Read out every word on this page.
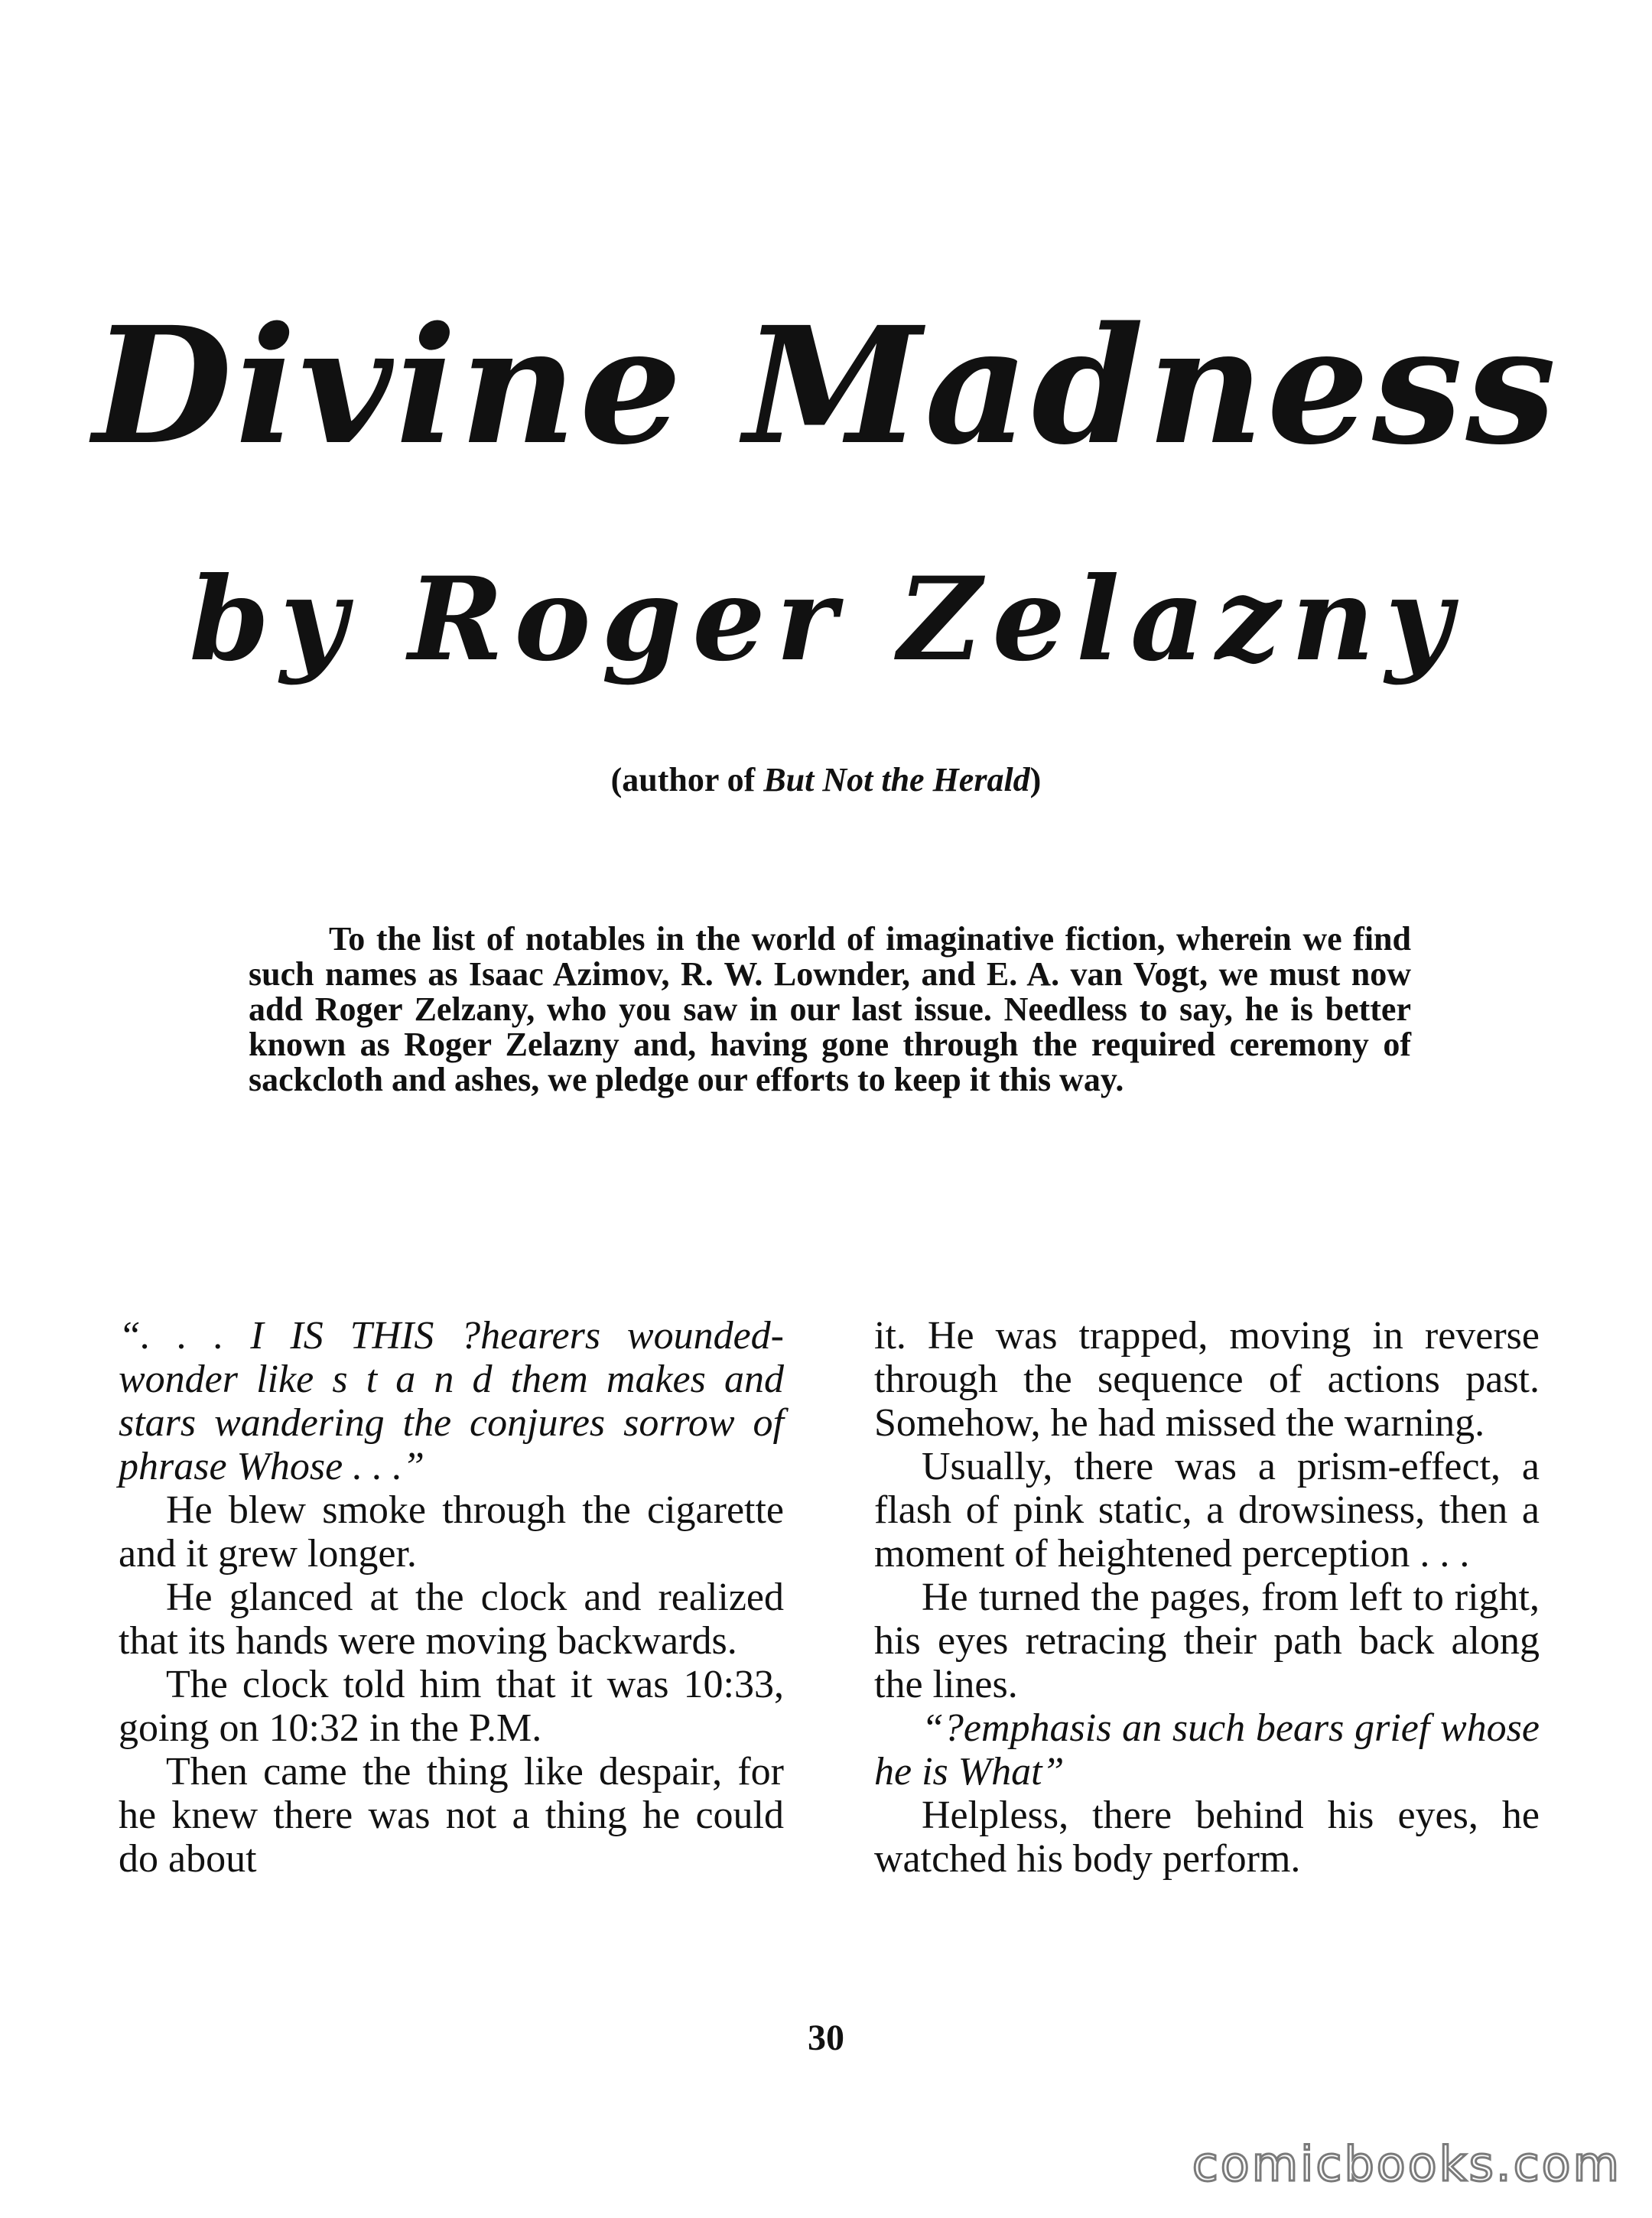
Divine Madness
by Roger Zelazny
(author of But Not the Herald)
To the list of notables in the world of imaginative fiction, wherein we find such names as Isaac Azimov, R. W. Lownder, and E. A. van Vogt, we must now add Roger Zelzany, who you saw in our last issue. Needless to say, he is better known as Roger Zelazny and, having gone through the required ceremony of sackcloth and ashes, we pledge our efforts to keep it this way.

“. . . I IS THIS ?hearers wounded-wonder like s t a n d them makes and stars wandering the conjures sorrow of phrase Whose . . .”

He blew smoke through the cigarette and it grew longer.

He glanced at the clock and realized that its hands were moving backwards.

The clock told him that it was 10:33, going on 10:32 in the P.M.

Then came the thing like despair, for he knew there was not a thing he could do about

it. He was trapped, moving in reverse through the sequence of actions past. Somehow, he had missed the warning.

Usually, there was a prism-effect, a flash of pink static, a drowsiness, then a moment of heightened perception . . .

He turned the pages, from left to right, his eyes retracing their path back along the lines.

“?emphasis an such bears grief whose he is What”

Helpless, there behind his eyes, he watched his body perform.

30
comicbooks.com
